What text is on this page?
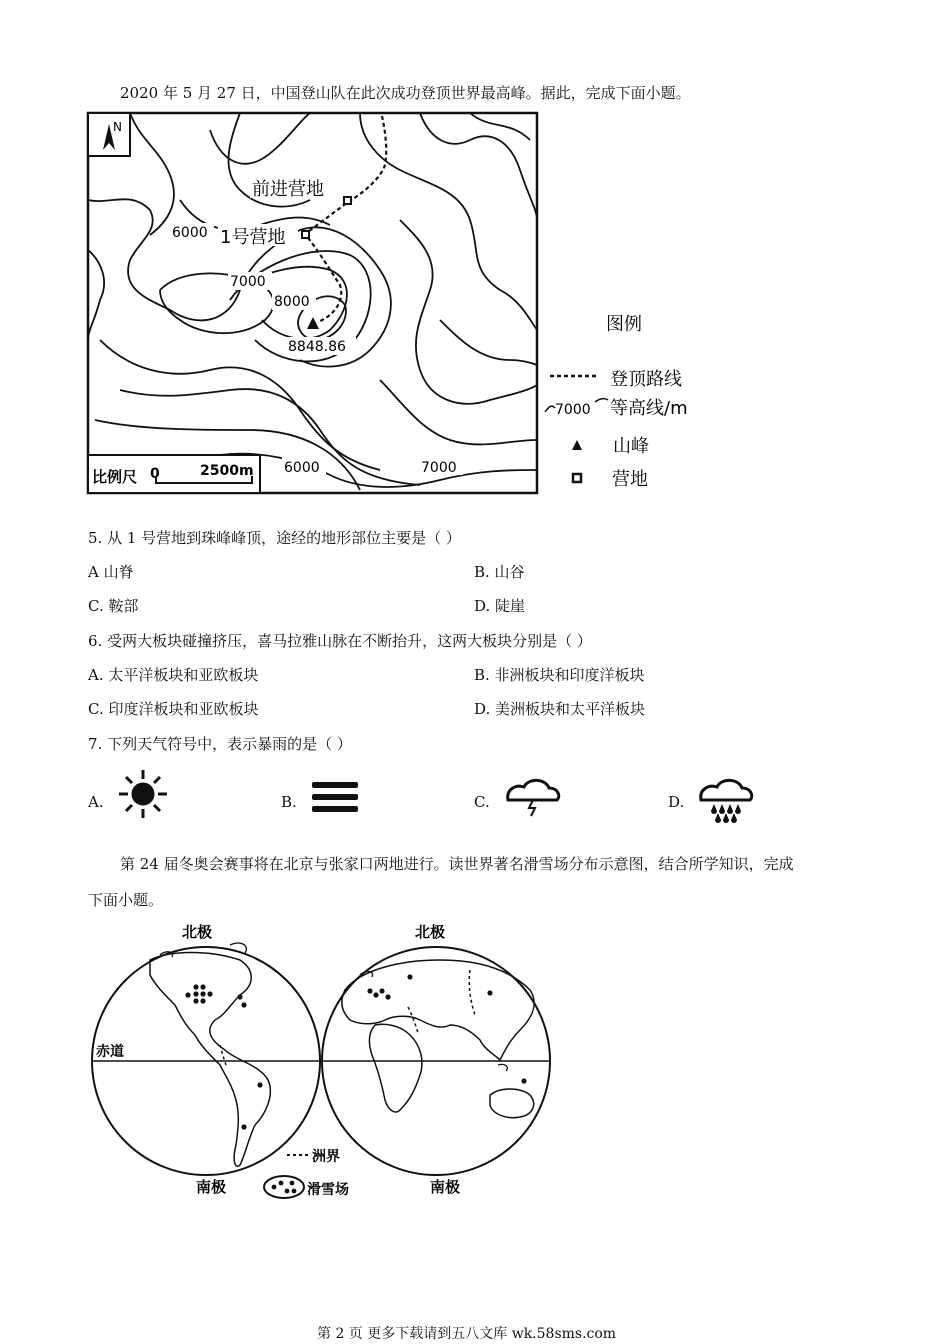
2020 年 5 月 27 日，中国登山队在此次成功登顶世界最高峰。据此，完成下面小题。
N
前进营地
1号营地
6000
7000
8000
8848.86
6000	7000
比例尺 0	2500m
图例
登顶路线
7000 等高线/m
山峰
营地
5. 从 1 号营地到珠峰峰顶，途经的地形部位主要是（ ）
A 山脊	B. 山谷
C. 鞍部	D. 陡崖
6. 受两大板块碰撞挤压，喜马拉雅山脉在不断抬升，这两大板块分别是（ ）
A. 太平洋板块和亚欧板块	B. 非洲板块和印度洋板块
C. 印度洋板块和亚欧板块	D. 美洲板块和太平洋板块
7. 下列天气符号中，表示暴雨的是（ ）
A.	B.	C.	D.
第 24 届冬奥会赛事将在北京与张家口两地进行。读世界著名滑雪场分布示意图，结合所学知识，完成
下面小题。
北极	北极
赤道
南极	南极
洲界
滑雪场
第 2 页 更多下载请到五八文库 wk.58sms.com
